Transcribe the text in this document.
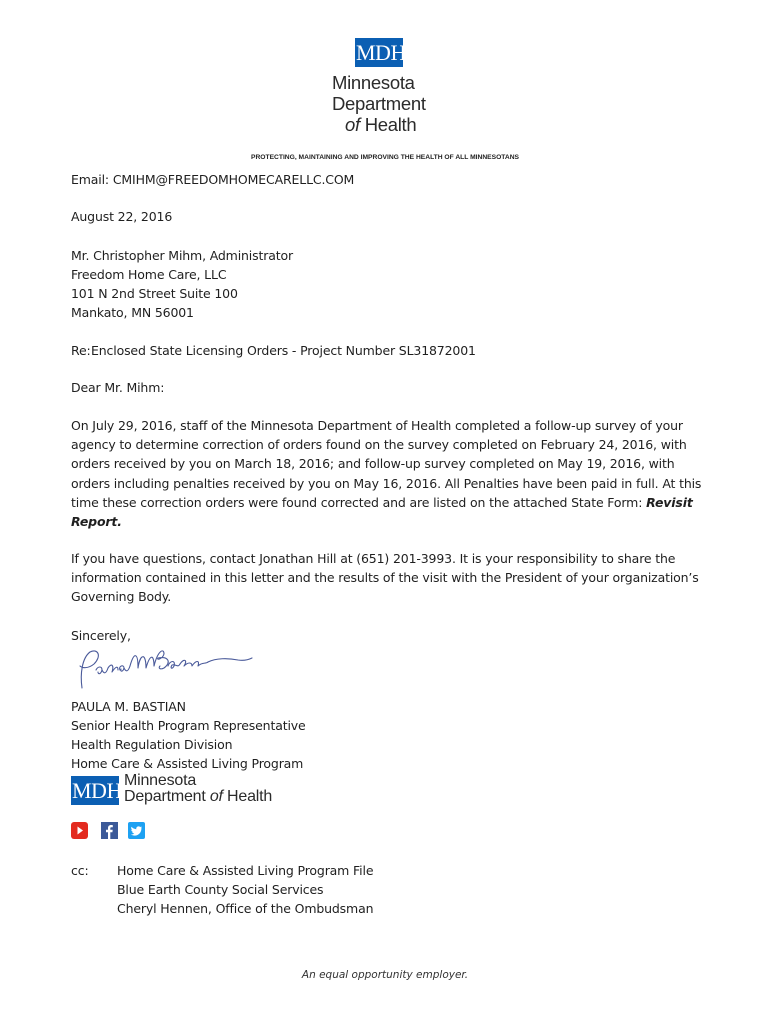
MDH
Minnesota
Department
of Health
PROTECTING, MAINTAINING AND IMPROVING THE HEALTH OF ALL MINNESOTANS
Email: CMIHM@FREEDOMHOMECARELLC.COM
August 22, 2016
Mr. Christopher Mihm, Administrator
Freedom Home Care, LLC
101 N 2nd Street Suite 100
Mankato, MN 56001
Re: Enclosed State Licensing Orders - Project Number SL31872001
Dear Mr. Mihm:
On July 29, 2016, staff of the Minnesota Department of Health completed a follow-up survey of your
agency to determine correction of orders found on the survey completed on February 24, 2016, with
orders received by you on March 18, 2016; and follow-up survey completed on May 19, 2016, with
orders including penalties received by you on May 16, 2016. All Penalties have been paid in full. At this
time these correction orders were found corrected and are listed on the attached State Form: Revisit
Report.
If you have questions, contact Jonathan Hill at (651) 201-3993. It is your responsibility to share the
information contained in this letter and the results of the visit with the President of your organization’s
Governing Body.
Sincerely,
PAULA M. BASTIAN
Senior Health Program Representative
Health Regulation Division
Home Care & Assisted Living Program
MDH Minnesota
Department of Health
cc: Home Care & Assisted Living Program File
Blue Earth County Social Services
Cheryl Hennen, Office of the Ombudsman
An equal opportunity employer.
